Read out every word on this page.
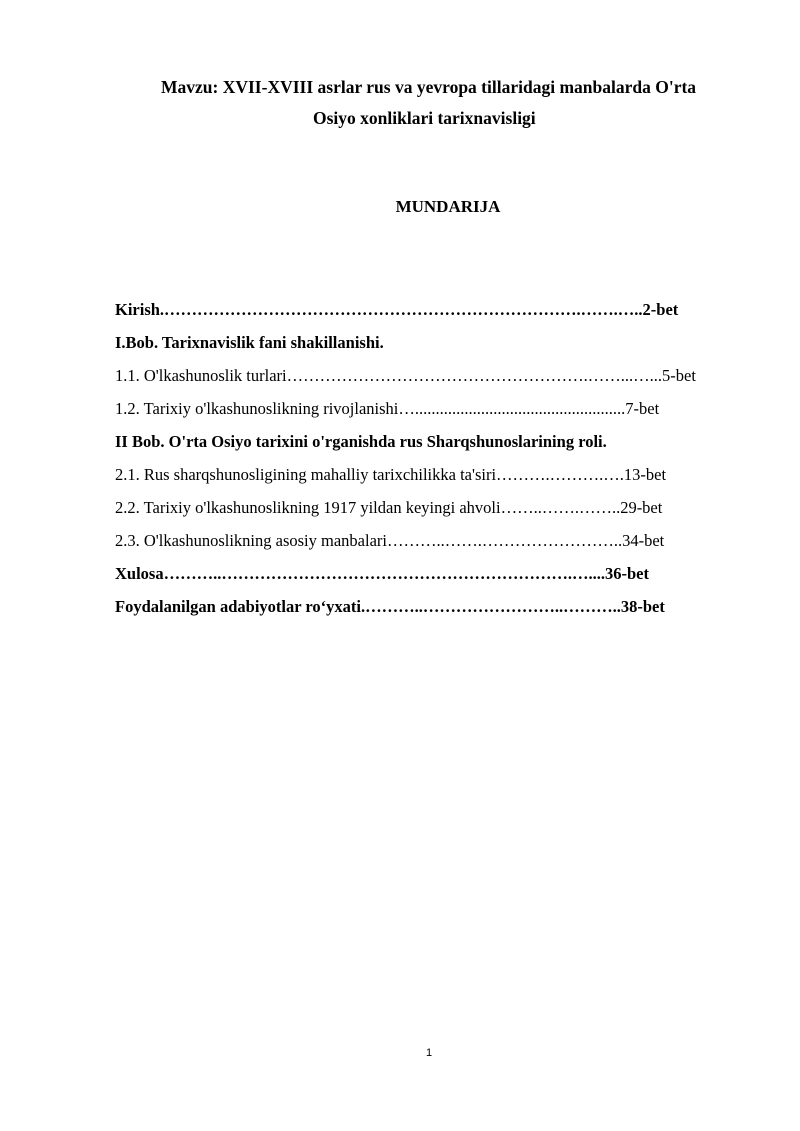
Mavzu: XVII-XVIII asrlar rus va yevropa tillaridagi manbalarda O'rta
Osiyo xonliklari tarixnavisligi
MUNDARIJA
Kirish.………………………………………………………………….…….…..2-bet
I.Bob. Tarixnavislik fani shakillanishi.
1.1. O'lkashunoslik turlari……………………………………………….……...…...5-bet
1.2. Tarixiy o'lkashunoslikning rivojlanishi…...................................................7-bet
II Bob. O'rta Osiyo tarixini o'rganishda rus Sharqshunoslarining roli.
2.1. Rus sharqshunosligining mahalliy tarixchilikka ta'siri……….……….….13-bet
2.2. Tarixiy o'lkashunoslikning 1917 yildan keyingi ahvoli……..…….……..29-bet
2.3. O'lkashunoslikning asosiy manbalari………..…….……………………..34-bet
Xulosa………..……………………………………………………….…....36-bet
Foydalanilgan adabiyotlar ro‘yxati.………..……………………..………..38-bet
1
